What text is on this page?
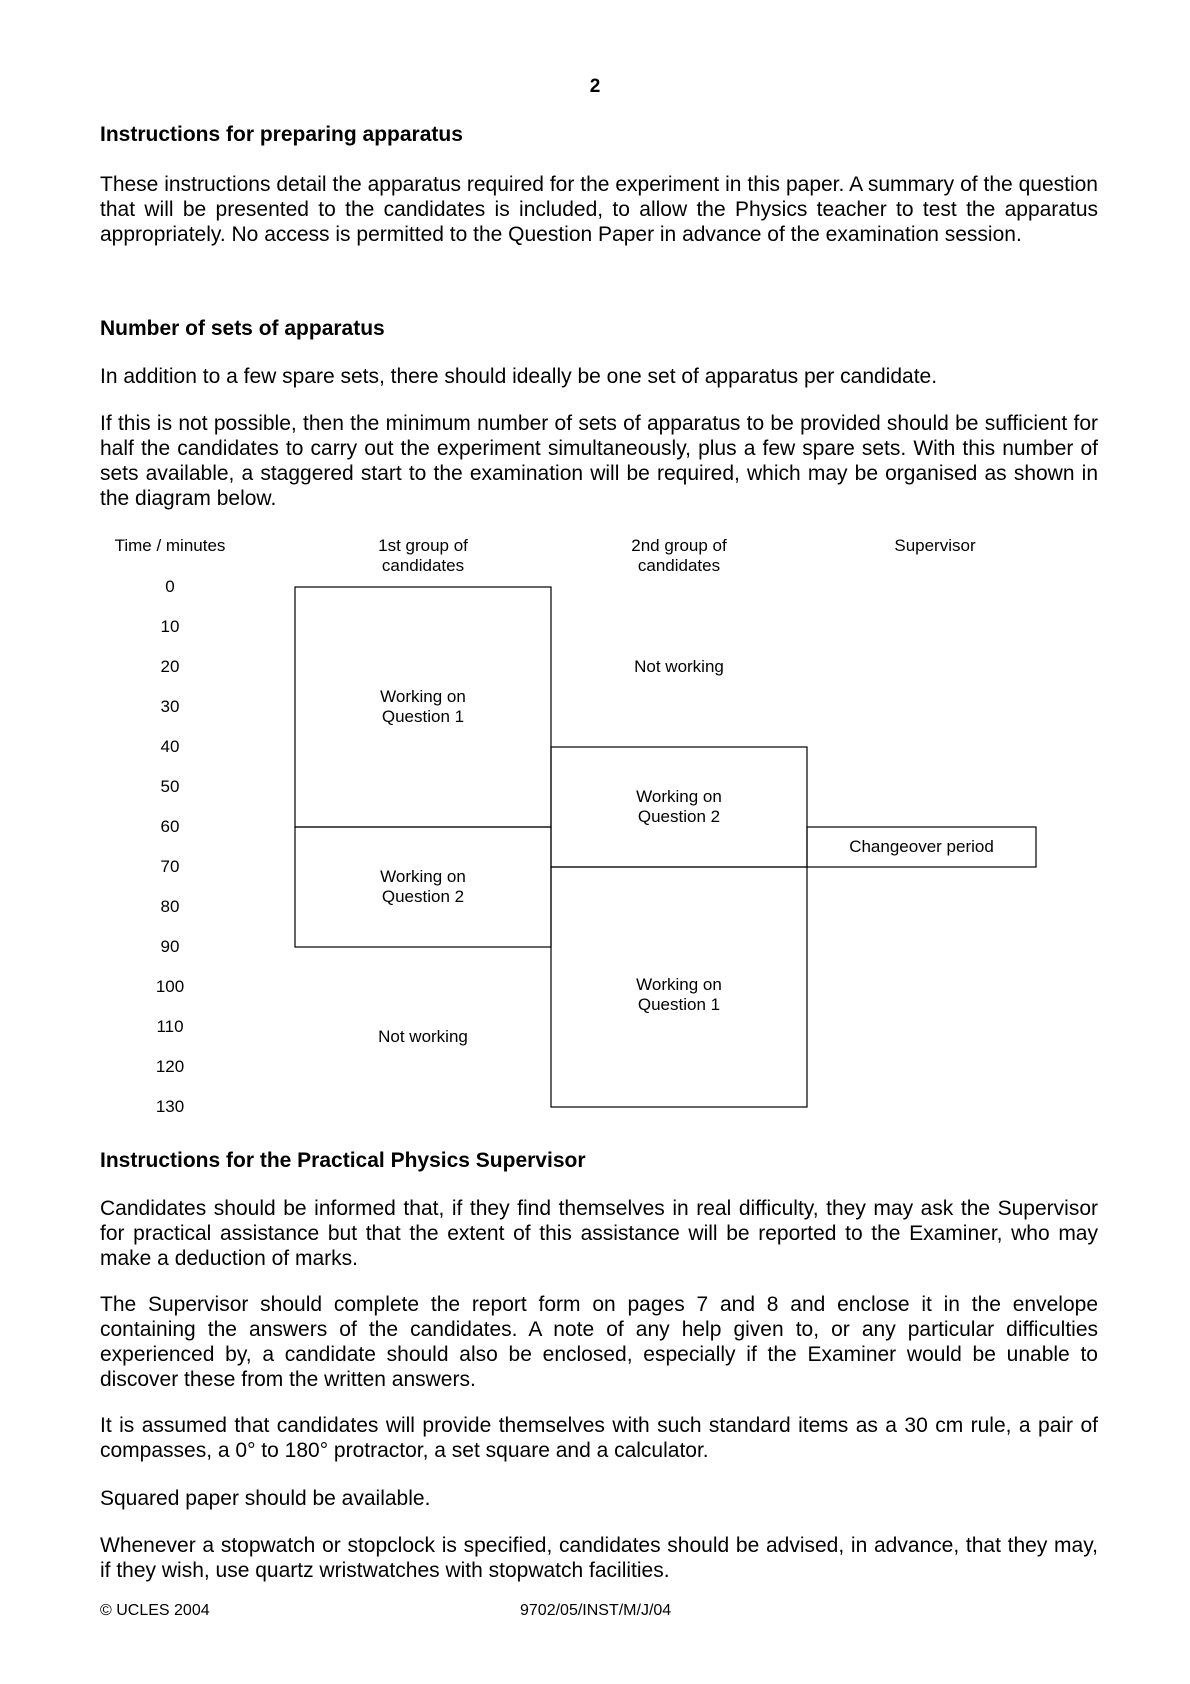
2
Instructions for preparing apparatus

These instructions detail the apparatus required for the experiment in this paper. A summary of the question that will be presented to the candidates is included, to allow the Physics teacher to test the apparatus appropriately. No access is permitted to the Question Paper in advance of the examination session.

Number of sets of apparatus

In addition to a few spare sets, there should ideally be one set of apparatus per candidate.

If this is not possible, then the minimum number of sets of apparatus to be provided should be sufficient for half the candidates to carry out the experiment simultaneously, plus a few spare sets. With this number of sets available, a staggered start to the examination will be required, which may be organised as shown in the diagram below.

Time / minutes	1st group of
candidates
2nd group of
candidates
Supervisor
0
10
20
30
40
50
60
70
80
90
100
110
120
130
Working on
Question 1
Working on
Question 2
Not working
Not working
Working on
Question 2
Working on
Question 1
Changeover period
Instructions for the Practical Physics Supervisor

Candidates should be informed that, if they find themselves in real difficulty, they may ask the Supervisor for practical assistance but that the extent of this assistance will be reported to the Examiner, who may make a deduction of marks.

The Supervisor should complete the report form on pages 7 and 8 and enclose it in the envelope containing the answers of the candidates. A note of any help given to, or any particular difficulties experienced by, a candidate should also be enclosed, especially if the Examiner would be unable to discover these from the written answers.

It is assumed that candidates will provide themselves with such standard items as a 30 cm rule, a pair of compasses, a 0° to 180° protractor, a set square and a calculator.

Squared paper should be available.

Whenever a stopwatch or stopclock is specified, candidates should be advised, in advance, that they may, if they wish, use quartz wristwatches with stopwatch facilities.

© UCLES 2004	9702/05/INST/M/J/04
